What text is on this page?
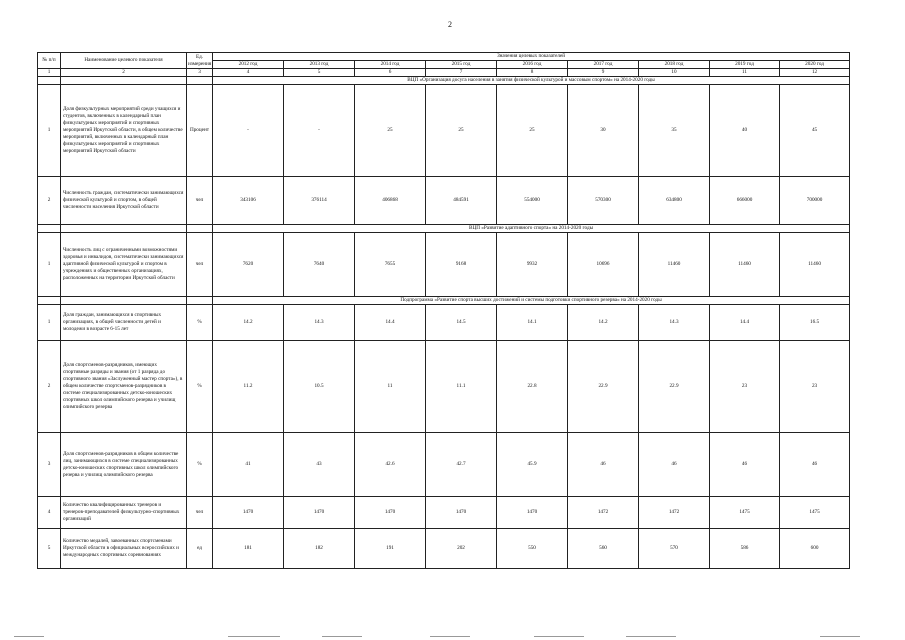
2
№ п/п	Наименование целевого показателя	Ед. измерения	Значения целевых показателей								
			2012 год	2013 год	2014 год	2015 год	2016 год	2017 год	2018 год	2019 год	2020 год
1	2	3	4	5	6	7	8	9	10	11	12
			ВЦП «Организация досуга населения в занятия физической культурой и массовым спортом» на 2014-2020 годы								
1	Доля физкультурных мероприятий среди учащихся и студентов, включенных в календарный план физкультурных мероприятий и спортивных мероприятий Иркутской области, в общем количестве мероприятий, включенных в календарный план физкультурных мероприятий и спортивных мероприятий Иркутской области	Процент	-	-	25	25	25	30	35	40	45
2	Численность граждан, систематически занимающихся физической культурой и спортом, в общей численности населения Иркутской области	чел	343106	376114	406868	484591	554000	570300	634800	666000	700000
			ВЦП «Развитие адаптивного спорта» на 2014-2020 годы								
1	Численность лиц с ограниченными возможностями здоровья и инвалидов, систематически занимающихся адаптивной физической культурой и спортом в учреждениях и общественных организациях, расположенных на территории Иркутской области	чел	7620	7640	7655	9168	9932	10696	11460	11460	11460
			Подпрограмма «Развитие спорта высших достижений и системы подготовки спортивного резерва» на 2014-2020 годы								
1	Доля граждан, занимающихся в спортивных организациях, в общей численности детей и молодежи в возрасте 6-15 лет	%	14.2	14.3	14.4	14.5	14.1	14.2	14.3	14.4	16.5
2	Доля спортсменов-разрядников, имеющих спортивные разряды и звания (от 1 разряда до спортивного звания «Заслуженный мастер спорта»), в общем количестве спортсменов-разрядников в системе специализированных детско-юношеских спортивных школ олимпийского резерва и училищ олимпийского резерва	%	11.2	10.5	11	11.1	22.8	22.9	22.9	23	23
3	Доля спортсменов-разрядников в общем количестве лиц, занимающихся в системе специализированных детско-юношеских спортивных школ олимпийского резерва и училищ олимпийского резерва	%	41	43	42.6	42.7	45.9	46	46	46	46
4	Количество квалифицированных тренеров и тренеров-преподавателей физкультурно-спортивных организаций	чел	1470	1470	1470	1470	1470	1472	1472	1475	1475
5	Количество медалей, завоеванных спортсменами Иркутской области в официальных всероссийских и международных спортивных соревнованиях	ед	181	182	191	202	550	560	570	586	600
